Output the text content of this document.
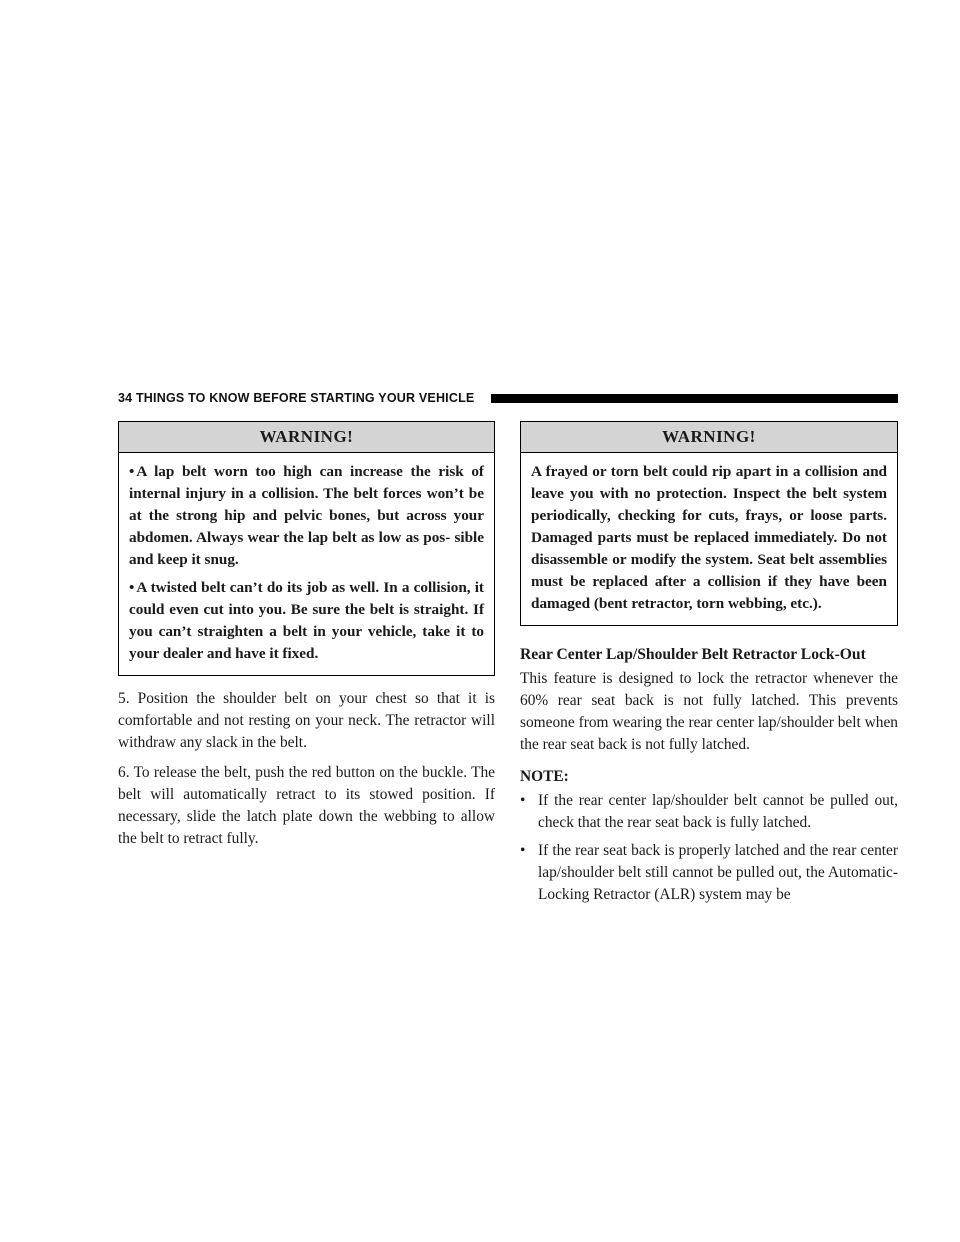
34 THINGS TO KNOW BEFORE STARTING YOUR VEHICLE
WARNING!

• A lap belt worn too high can increase the risk of internal injury in a collision. The belt forces won’t be at the strong hip and pelvic bones, but across your abdomen. Always wear the lap belt as low as pos- sible and keep it snug.

• A twisted belt can’t do its job as well. In a collision, it could even cut into you. Be sure the belt is straight. If you can’t straighten a belt in your vehicle, take it to your dealer and have it fixed.

5. Position the shoulder belt on your chest so that it is comfortable and not resting on your neck. The retractor will withdraw any slack in the belt.

6. To release the belt, push the red button on the buckle. The belt will automatically retract to its stowed position. If necessary, slide the latch plate down the webbing to allow the belt to retract fully.

WARNING!

A frayed or torn belt could rip apart in a collision and leave you with no protection. Inspect the belt system periodically, checking for cuts, frays, or loose parts. Damaged parts must be replaced immediately. Do not disassemble or modify the system. Seat belt assemblies must be replaced after a collision if they have been damaged (bent retractor, torn webbing, etc.).

Rear Center Lap/Shoulder Belt Retractor Lock-Out

This feature is designed to lock the retractor whenever the 60% rear seat back is not fully latched. This prevents someone from wearing the rear center lap/shoulder belt when the rear seat back is not fully latched.

NOTE:
• If the rear center lap/shoulder belt cannot be pulled out, check that the rear seat back is fully latched.
• If the rear seat back is properly latched and the rear center lap/shoulder belt still cannot be pulled out, the Automatic-Locking Retractor (ALR) system may be
